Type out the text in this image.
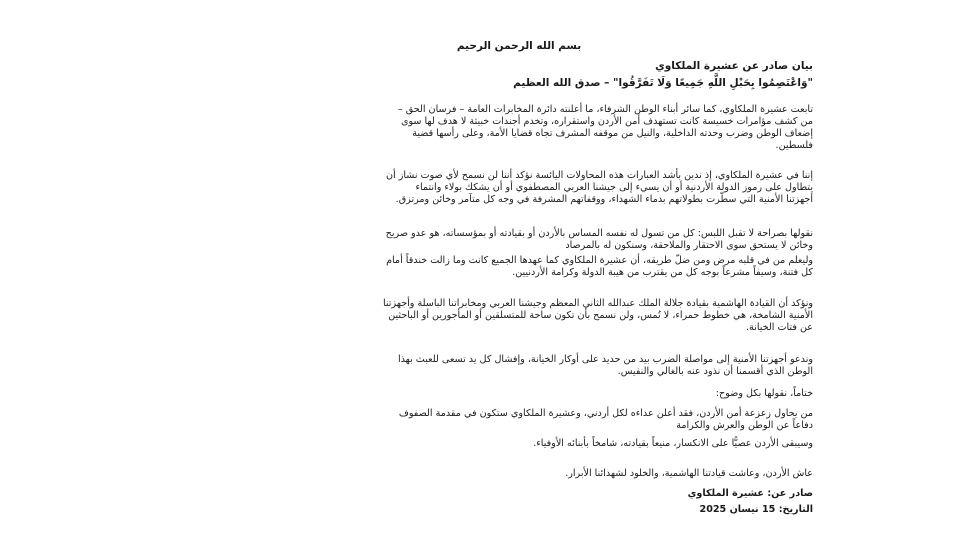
بسم الله الرحمن الرحيم
بيان صادر عن عشيرة الملكاوي
"وَاعْتَصِمُوا بِحَبْلِ اللَّهِ جَمِيعًا وَلَا تَفَرَّقُوا" – صدق الله العظيم
تابعت عشيرة الملكاوي، كما سائر أبناء الوطن الشرفاء، ما أعلنته دائرة المخابرات العامة – فرسان الحق –
من كشف مؤامرات خسيسة كانت تستهدف أمن الأردن واستقراره، وتخدم أجندات خبيثة لا هدف لها سوى
إضعاف الوطن وضرب وحدته الداخلية، والنيل من موقفه المشرف تجاه قضايا الأمة، وعلى رأسها قضية
فلسطين.
إننا في عشيرة الملكاوي، إذ ندين بأشد العبارات هذه المحاولات اليائسة نؤكد أننا لن نسمح لأي صوت نشاز أن
يتطاول على رموز الدولة الأردنية أو أن يسيء إلى جيشنا العربي المصطفوي أو أن يشكك بولاء وانتماء
أجهزتنا الأمنية التي سطّرت بطولاتهم بدماء الشهداء، ووقفاتهم المشرفة في وجه كل متآمر وخائن ومرتزق.
نقولها بصراحة لا تقبل اللبس: كل من تسول له نفسه المساس بالأردن أو بقيادته أو بمؤسساته، هو عدو صريح
وخائن لا يستحق سوى الاحتقار والملاحقة، وسنكون له بالمرصاد
وليعلم من في قلبه مرض ومن ضلّ طريقه، أن عشيرة الملكاوي كما عهدها الجميع كانت وما زالت خندقاً أمام
كل فتنة، وسيفاً مشرعاً بوجه كل من يقترب من هيبة الدولة وكرامة الأردنيين.
ونؤكد أن القيادة الهاشمية بقيادة جلالة الملك عبدالله الثاني المعظم وجيشنا العربي ومخابراتنا الباسلة وأجهزتنا
الأمنية الشامخة، هي خطوط حمراء، لا تُمس، ولن نسمح بأن تكون ساحة للمتسلقين أو المأجورين أو الباحثين
عن فتات الخيانة.
وندعو أجهزتنا الأمنية إلى مواصلة الضرب بيد من حديد على أوكار الخيانة، وإفشال كل يد تسعى للعبث بهذا
الوطن الذي أقسمنا أن نذود عنه بالغالي والنفيس.
ختاماً، نقولها بكل وضوح:
من يحاول زعزعة أمن الأردن، فقد أعلن عداءه لكل أردني، وعشيرة الملكاوي ستكون في مقدمة الصفوف
دفاعاً عن الوطن والعرش والكرامة
وسيبقى الأردن عصيًّا على الانكسار، منيعاً بقيادته، شامخاً بأبنائه الأوفياء.
عاش الأردن، وعاشت قيادتنا الهاشمية، والخلود لشهدائنا الأبرار.
صادر عن: عشيرة الملكاوي
التاريخ: 15 نيسان 2025
